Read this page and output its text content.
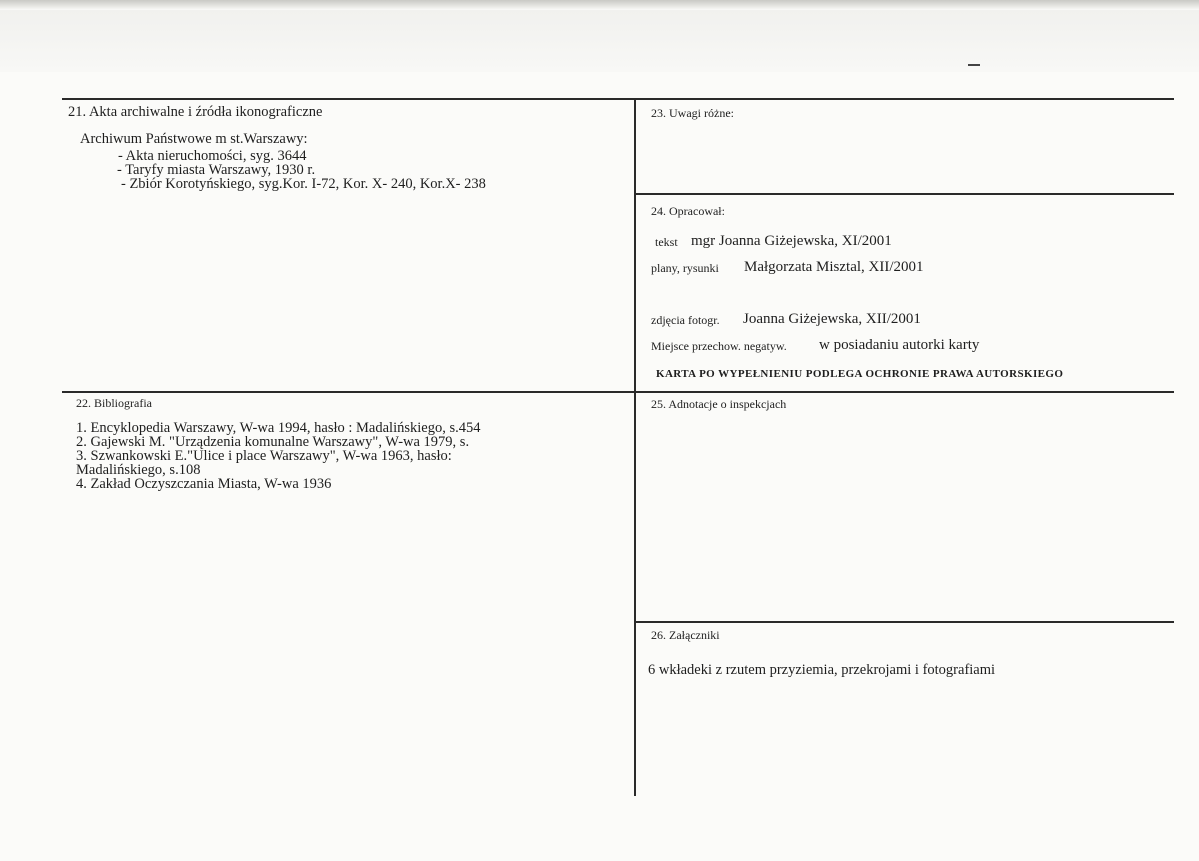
21. Akta archiwalne i źródła ikonograficzne
Archiwum Państwowe m st.Warszawy:
- Akta nieruchomości, syg. 3644
- Taryfy miasta Warszawy, 1930 r.
- Zbiór Korotyńskiego, syg.Kor. I-72, Kor. X- 240, Kor.X- 238
22. Bibliografia
1. Encyklopedia Warszawy, W-wa 1994, hasło : Madalińskiego, s.454
2. Gajewski M. "Urządzenia komunalne Warszawy", W-wa 1979, s.
3. Szwankowski E."Ulice i place Warszawy", W-wa 1963, hasło:
Madalińskiego, s.108
4. Zakład Oczyszczania Miasta, W-wa 1936
23. Uwagi różne:
24. Opracował:
tekst mgr Joanna Giżejewska, XI/2001
plany, rysunki Małgorzata Misztal, XII/2001
zdjęcia fotogr. Joanna Giżejewska, XII/2001
Miejsce przechow. negatyw. w posiadaniu autorki karty
KARTA PO WYPEŁNIENIU PODLEGA OCHRONIE PRAWA AUTORSKIEGO
25. Adnotacje o inspekcjach
26. Załączniki
6 wkładeki z rzutem przyziemia, przekrojami i fotografiami
